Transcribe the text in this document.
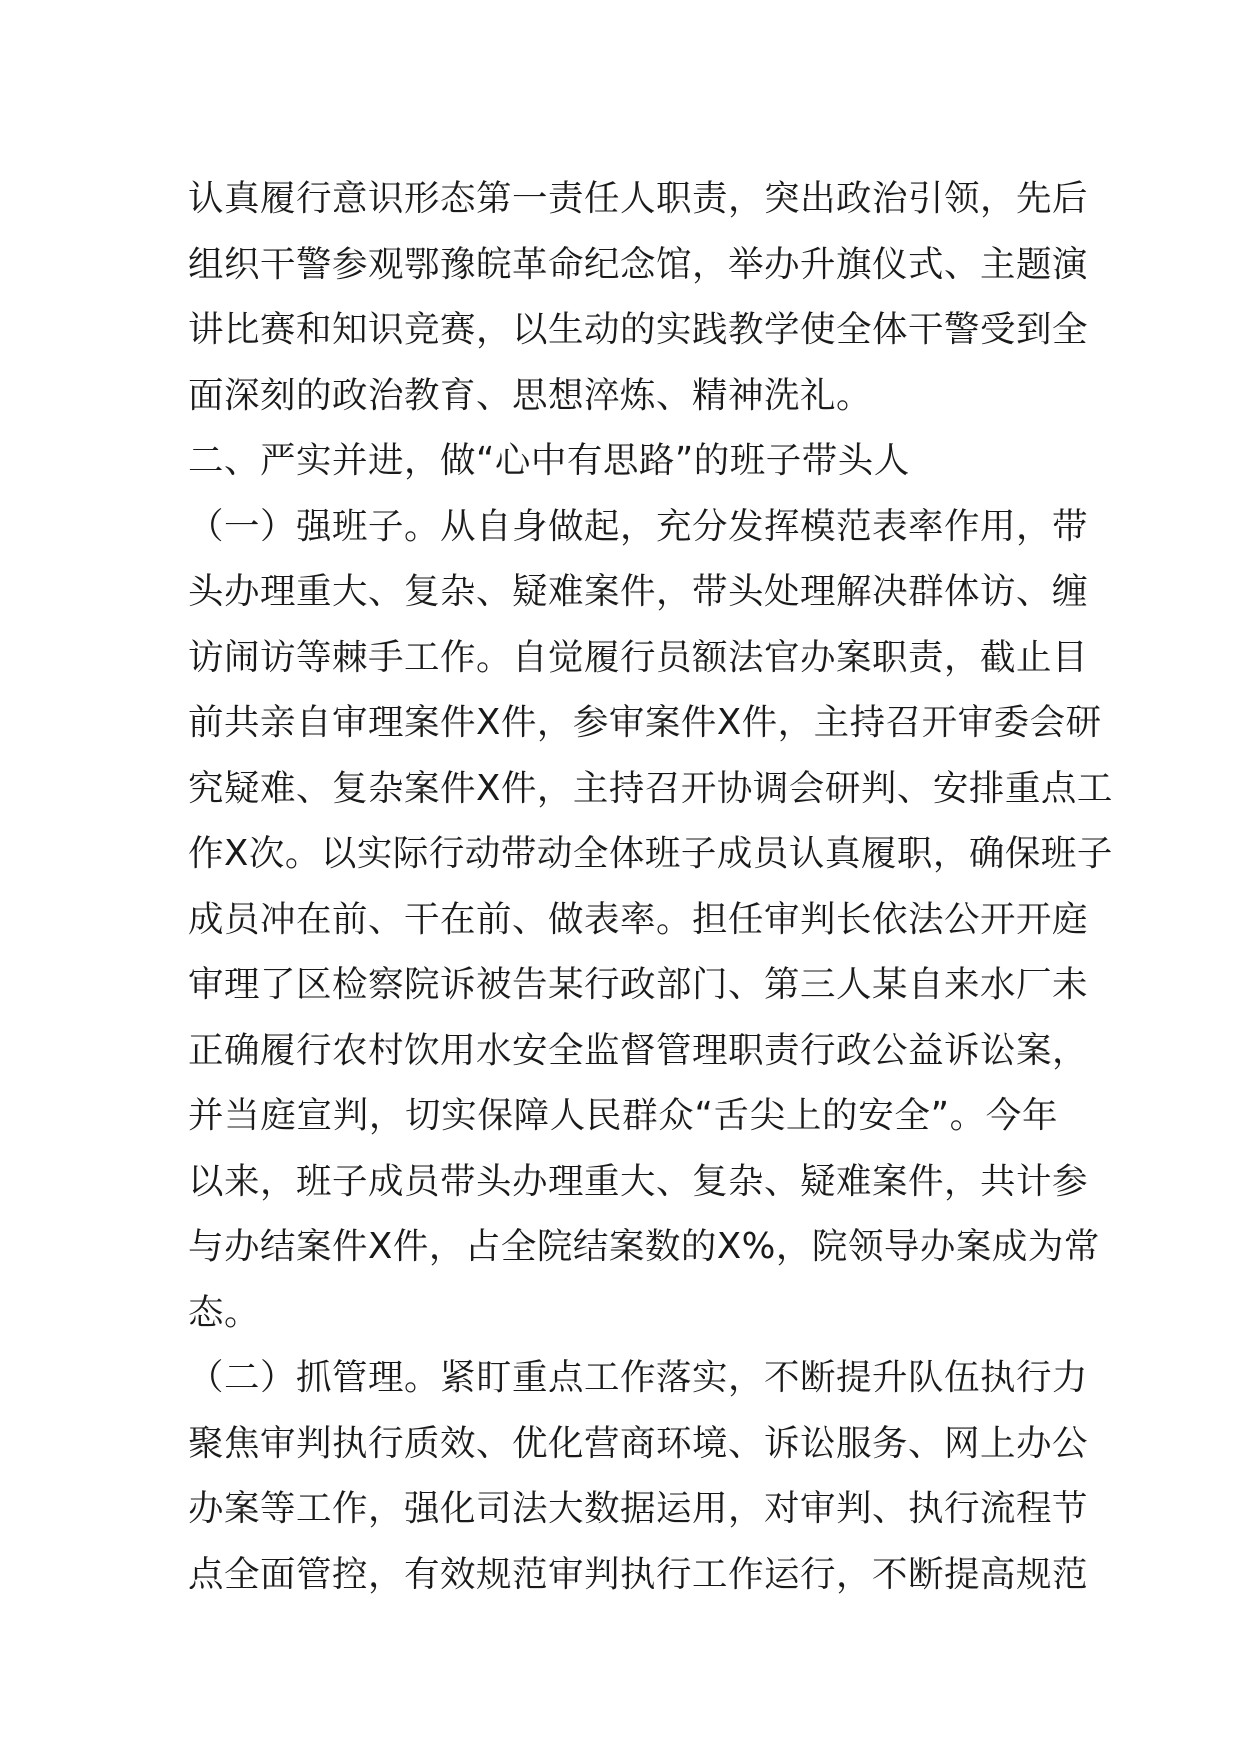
认真履行意识形态第一责任人职责，突出政治引领，先后
组织干警参观鄂豫皖革命纪念馆，举办升旗仪式、主题演
讲比赛和知识竞赛，以生动的实践教学使全体干警受到全
面深刻的政治教育、思想淬炼、精神洗礼。
二、严实并进，做“心中有思路”的班子带头人
（一）强班子。从自身做起，充分发挥模范表率作用，带
头办理重大、复杂、疑难案件，带头处理解决群体访、缠
访闹访等棘手工作。自觉履行员额法官办案职责，截止目
前共亲自审理案件X件，参审案件X件，主持召开审委会研
究疑难、复杂案件X件，主持召开协调会研判、安排重点工
作X次。以实际行动带动全体班子成员认真履职，确保班子
成员冲在前、干在前、做表率。担任审判长依法公开开庭
审理了区检察院诉被告某行政部门、第三人某自来水厂未
正确履行农村饮用水安全监督管理职责行政公益诉讼案，
并当庭宣判，切实保障人民群众“舌尖上的安全”。今年
以来，班子成员带头办理重大、复杂、疑难案件，共计参
与办结案件X件，占全院结案数的X%，院领导办案成为常
态。
（二）抓管理。紧盯重点工作落实，不断提升队伍执行力
聚焦审判执行质效、优化营商环境、诉讼服务、网上办公
办案等工作，强化司法大数据运用，对审判、执行流程节
点全面管控，有效规范审判执行工作运行，不断提高规范
